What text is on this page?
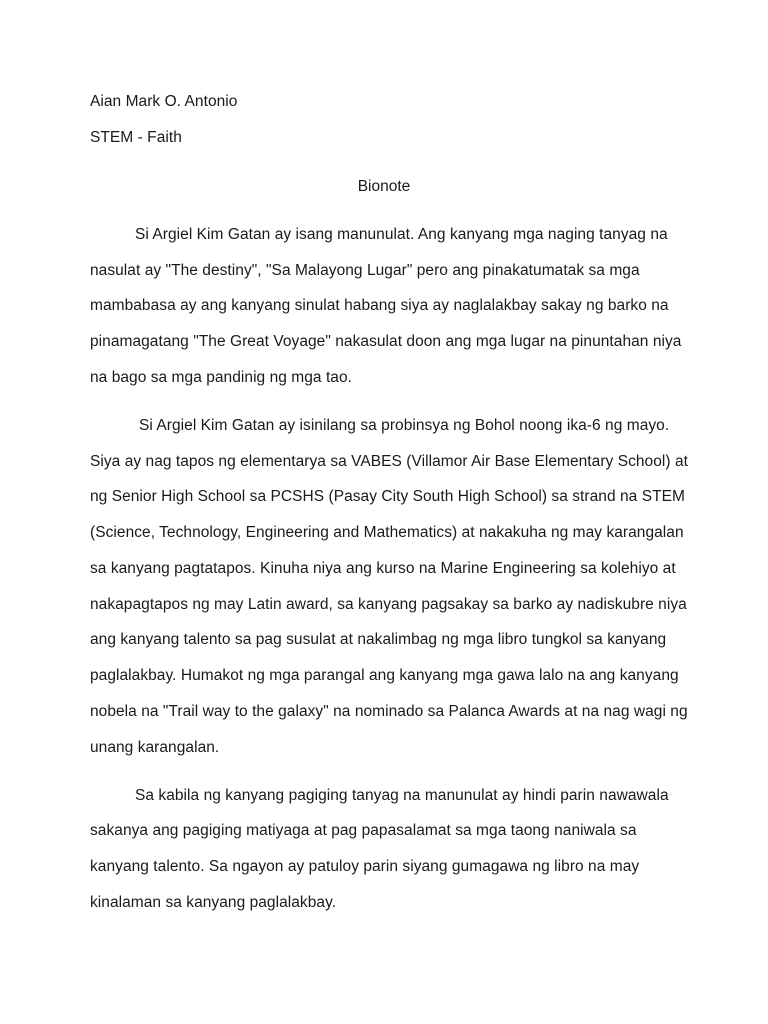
Aian Mark O. Antonio
STEM - Faith
Bionote
Si Argiel Kim Gatan ay isang manunulat. Ang kanyang mga naging tanyag na
nasulat ay "The destiny", "Sa Malayong Lugar" pero ang pinakatumatak sa mga
mambabasa ay ang kanyang sinulat habang siya ay naglalakbay sakay ng barko na
pinamagatang "The Great Voyage" nakasulat doon ang mga lugar na pinuntahan niya
na bago sa mga pandinig ng mga tao.
Si Argiel Kim Gatan ay isinilang sa probinsya ng Bohol noong ika-6 ng mayo.
Siya ay nag tapos ng elementarya sa VABES (Villamor Air Base Elementary School) at
ng Senior High School sa PCSHS (Pasay City South High School) sa strand na STEM
(Science, Technology, Engineering and Mathematics) at nakakuha ng may karangalan
sa kanyang pagtatapos. Kinuha niya ang kurso na Marine Engineering sa kolehiyo at
nakapagtapos ng may Latin award, sa kanyang pagsakay sa barko ay nadiskubre niya
ang kanyang talento sa pag susulat at nakalimbag ng mga libro tungkol sa kanyang
paglalakbay. Humakot ng mga parangal ang kanyang mga gawa lalo na ang kanyang
nobela na "Trail way to the galaxy" na nominado sa Palanca Awards at na nag wagi ng
unang karangalan.
Sa kabila ng kanyang pagiging tanyag na manunulat ay hindi parin nawawala
sakanya ang pagiging matiyaga at pag papasalamat sa mga taong naniwala sa
kanyang talento. Sa ngayon ay patuloy parin siyang gumagawa ng libro na may
kinalaman sa kanyang paglalakbay.
